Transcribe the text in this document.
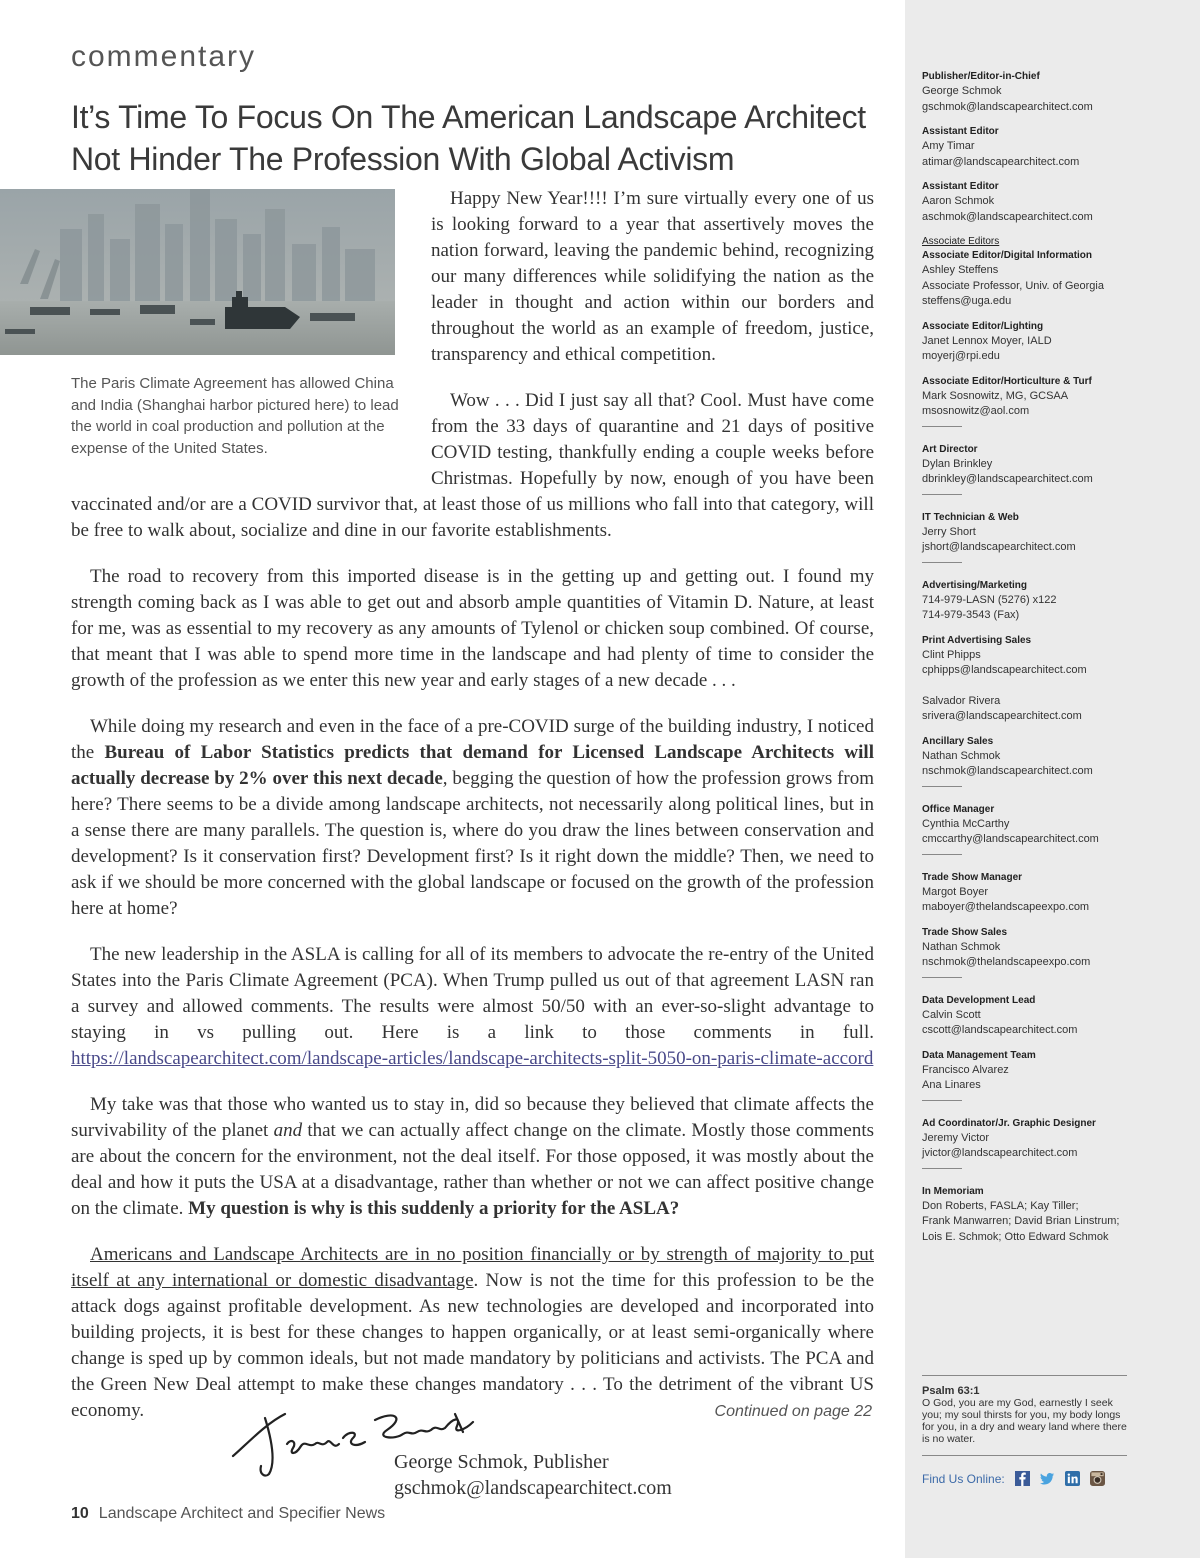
commentary
It’s Time To Focus On The American Landscape Architect
Not Hinder The Profession With Global Activism
The Paris Climate Agreement has allowed China and India (Shanghai harbor pictured here) to lead the world in coal production and pollution at the expense of the United States.

Happy New Year!!!! I’m sure virtually every one of us is looking forward to a year that assertively moves the nation forward, leaving the pandemic behind, recognizing our many differences while solidifying the nation as the leader in thought and action within our borders and throughout the world as an example of freedom, justice, transparency and ethical competition.

Wow . . . Did I just say all that? Cool. Must have come from the 33 days of quarantine and 21 days of positive COVID testing, thankfully ending a couple weeks before Christmas. Hopefully by now, enough of you have been vaccinated and/or are a COVID survivor that, at least those of us millions who fall into that category, will be free to walk about, socialize and dine in our favorite establishments.

The road to recovery from this imported disease is in the getting up and getting out. I found my strength coming back as I was able to get out and absorb ample quantities of Vitamin D. Nature, at least for me, was as essential to my recovery as any amounts of Tylenol or chicken soup combined. Of course, that meant that I was able to spend more time in the landscape and had plenty of time to consider the growth of the profession as we enter this new year and early stages of a new decade . . .

While doing my research and even in the face of a pre-COVID surge of the building industry, I noticed the Bureau of Labor Statistics predicts that demand for Licensed Landscape Architects will actually decrease by 2% over this next decade, begging the question of how the profession grows from here? There seems to be a divide among landscape architects, not necessarily along political lines, but in a sense there are many parallels. The question is, where do you draw the lines between conservation and development? Is it conservation first? Development first? Is it right down the middle? Then, we need to ask if we should be more concerned with the global landscape or focused on the growth of the profession here at home?

The new leadership in the ASLA is calling for all of its members to advocate the re-entry of the United States into the Paris Climate Agreement (PCA). When Trump pulled us out of that agreement LASN ran a survey and allowed comments. The results were almost 50/50 with an ever-so-slight advantage to staying in vs pulling out. Here is a link to those comments in full. https://landscapearchitect.com/landscape-articles/landscape-architects-split-5050-on-paris-climate-accord

My take was that those who wanted us to stay in, did so because they believed that climate affects the survivability of the planet and that we can actually affect change on the climate. Mostly those comments are about the concern for the environment, not the deal itself. For those opposed, it was mostly about the deal and how it puts the USA at a disadvantage, rather than whether or not we can affect positive change on the climate. My question is why is this suddenly a priority for the ASLA?

Americans and Landscape Architects are in no position financially or by strength of majority to put itself at any international or domestic disadvantage. Now is not the time for this profession to be the attack dogs against profitable development. As new technologies are developed and incorporated into building projects, it is best for these changes to happen organically, or at least semi-organically where change is sped up by common ideals, but not made mandatory by politicians and activists. The PCA and the Green New Deal attempt to make these changes mandatory . . . To the detriment of the vibrant US economy.	Continued on page 22
George Schmok, Publisher
gschmok@landscapearchitect.com
10 Landscape Architect and Specifier News
Publisher/Editor-in-Chief
George Schmok
gschmok@landscapearchitect.com
Assistant Editor
Amy Timar
atimar@landscapearchitect.com
Assistant Editor
Aaron Schmok
aschmok@landscapearchitect.com
Associate Editors
Associate Editor/Digital Information
Ashley Steffens
Associate Professor, Univ. of Georgia
steffens@uga.edu
Associate Editor/Lighting
Janet Lennox Moyer, IALD
moyerj@rpi.edu
Associate Editor/Horticulture & Turf
Mark Sosnowitz, MG, GCSAA
msosnowitz@aol.com
Art Director
Dylan Brinkley
dbrinkley@landscapearchitect.com
IT Technician & Web
Jerry Short
jshort@landscapearchitect.com
Advertising/Marketing
714-979-LASN (5276) x122
714-979-3543 (Fax)
Print Advertising Sales
Clint Phipps
cphipps@landscapearchitect.com
Salvador Rivera
srivera@landscapearchitect.com
Ancillary Sales
Nathan Schmok
nschmok@landscapearchitect.com
Office Manager
Cynthia McCarthy
cmccarthy@landscapearchitect.com
Trade Show Manager
Margot Boyer
maboyer@thelandscapeexpo.com
Trade Show Sales
Nathan Schmok
nschmok@thelandscapeexpo.com
Data Development Lead
Calvin Scott
cscott@landscapearchitect.com
Data Management Team
Francisco Alvarez
Ana Linares
Ad Coordinator/Jr. Graphic Designer
Jeremy Victor
jvictor@landscapearchitect.com
In Memoriam
Don Roberts, FASLA; Kay Tiller;
Frank Manwarren; David Brian Linstrum;
Lois E. Schmok; Otto Edward Schmok
Psalm 63:1
O God, you are my God, earnestly I seek you; my soul thirsts for you, my body longs for you, in a dry and weary land where there is no water.
Find Us Online:
